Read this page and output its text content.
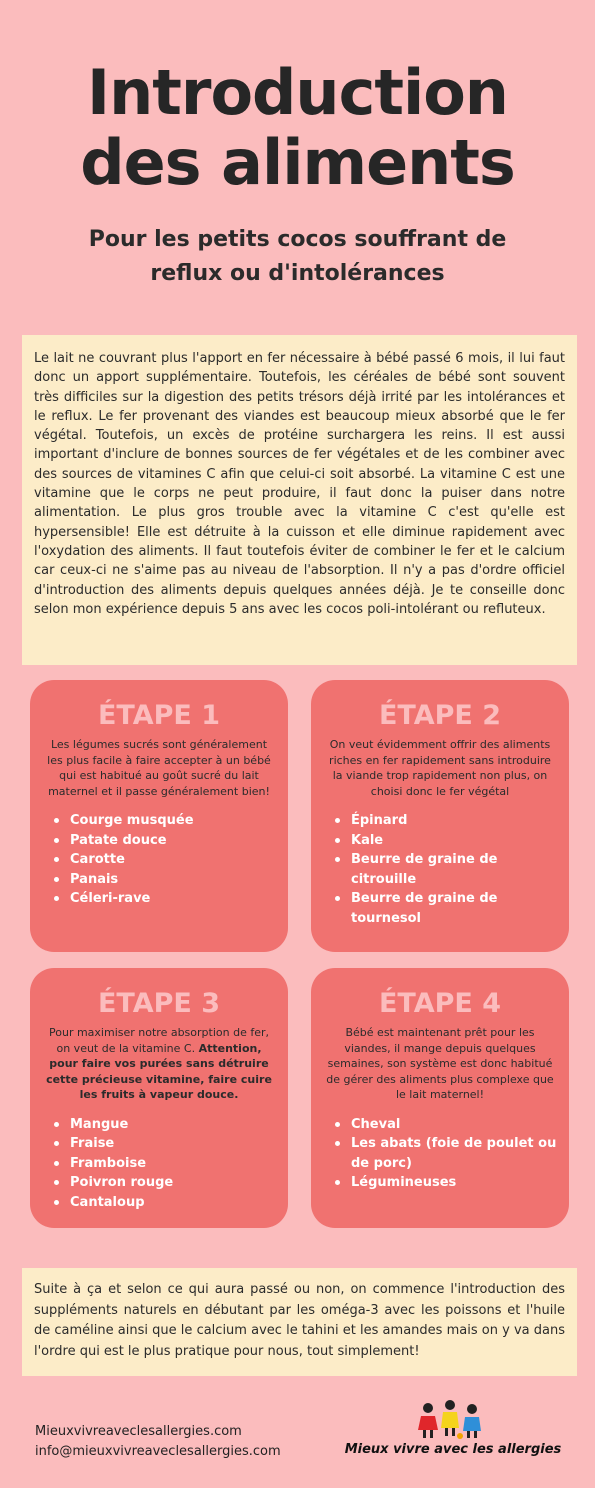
Introduction
des aliments
Pour les petits cocos souffrant de
reflux ou d'intolérances

Le lait ne couvrant plus l'apport en fer nécessaire à bébé passé 6 mois, il lui faut donc un apport supplémentaire. Toutefois, les céréales de bébé sont souvent très difficiles sur la digestion des petits trésors déjà irrité par les intolérances et le reflux. Le fer provenant des viandes est beaucoup mieux absorbé que le fer végétal. Toutefois, un excès de protéine surchargera les reins. Il est aussi important d'inclure de bonnes sources de fer végétales et de les combiner avec des sources de vitamines C afin que celui-ci soit absorbé. La vitamine C est une vitamine que le corps ne peut produire, il faut donc la puiser dans notre alimentation. Le plus gros trouble avec la vitamine C c'est qu'elle est hypersensible! Elle est détruite à la cuisson et elle diminue rapidement avec l'oxydation des aliments. Il faut toutefois éviter de combiner le fer et le calcium car ceux-ci ne s'aime pas au niveau de l'absorption. Il n'y a pas d'ordre officiel d'introduction des aliments depuis quelques années déjà. Je te conseille donc selon mon expérience depuis 5 ans avec les cocos poli-intolérant ou refluteux.

ÉTAPE 1
Les légumes sucrés sont généralement les plus facile à faire accepter à un bébé qui est habitué au goût sucré du lait maternel et il passe généralement bien!
Courge musquée
Patate douce
Carotte
Panais
Céleri-rave
ÉTAPE 2
On veut évidemment offrir des aliments riches en fer rapidement sans introduire la viande trop rapidement non plus, on choisi donc le fer végétal
Épinard
Kale
Beurre de graine de citrouille
Beurre de graine de tournesol
ÉTAPE 3
Pour maximiser notre absorption de fer, on veut de la vitamine C. Attention, pour faire vos purées sans détruire cette précieuse vitamine, faire cuire les fruits à vapeur douce.
Mangue
Fraise
Framboise
Poivron rouge
Cantaloup
ÉTAPE 4
Bébé est maintenant prêt pour les viandes, il mange depuis quelques semaines, son système est donc habitué de gérer des aliments plus complexe que le lait maternel!
Cheval
Les abats (foie de poulet ou de porc)
Légumineuses

Suite à ça et selon ce qui aura passé ou non, on commence l'introduction des suppléments naturels en débutant par les oméga-3 avec les poissons et l'huile de caméline ainsi que le calcium avec le tahini et les amandes mais on y va dans l'ordre qui est le plus pratique pour nous, tout simplement!

Mieuxvivreaveclesallergies.com
info@mieuxvivreaveclesallergies.com	Mieux vivre avec les allergies
